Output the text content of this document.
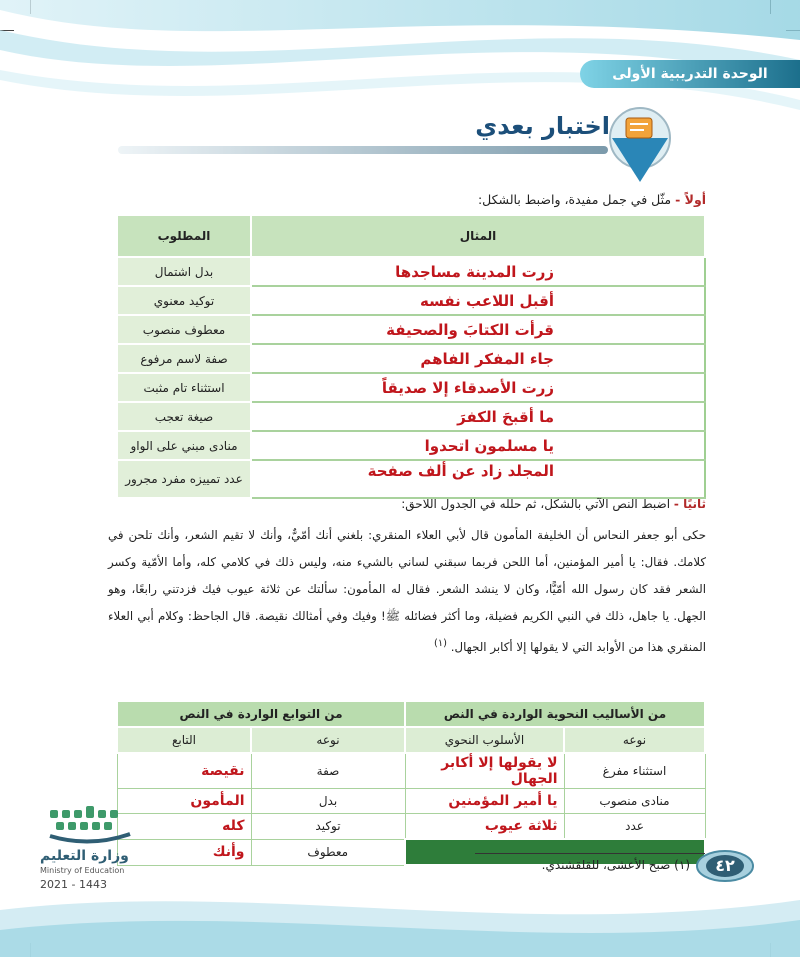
الوحدة التدريبية الأولى
اختبار بعدي
أولاً - مثّل في جمل مفيدة، واضبط بالشكل:
المطلوب	المثال
بدل اشتمال	زرت المدينة مساجدها
توكيد معنوي	أقبل اللاعب نفسه
معطوف منصوب	قرأت الكتابَ والصحيفة
صفة لاسم مرفوع	جاء المفكر الفاهم
استثناء تام مثبت	زرت الأصدقاء إلا صديقاً
صيغة تعجب	ما أقبحَ الكفرَ
منادى مبني على الواو	يا مسلمون اتحدوا
عدد تمييزه مفرد مجرور	المجلد زاد عن ألف صفحة
ثانيًا - اضبط النص الآتي بالشكل، ثم حلله في الجدول اللاحق:
حكى أبو جعفر النحاس أن الخليفة المأمون قال لأبي العلاء المنقري: بلغني أنك أمّيٌّ، وأنك لا تقيم الشعر، وأنك تلحن في كلامك. فقال: يا أمير المؤمنين، أما اللحن فربما سبقني لساني بالشيء منه، وليس ذلك في كلامي كله، وأما الأمّية وكسر الشعر فقد كان رسول الله أمّيًّا، وكان لا ينشد الشعر. فقال له المأمون: سألتك عن ثلاثة عيوب فيك فزدتني رابعًا، وهو الجهل. يا جاهل، ذلك في النبي الكريم فضيلة، وما أكثر فضائله ﷺ! وفيك وفي أمثالك نقيصة. قال الجاحظ: وكلام أبي العلاء المنقري هذا من الأوابد التي لا يقولها إلا أكابر الجهال. $^{(١)}$
من التوابع الواردة في النص		من الأساليب النحوية الواردة في النص	
التابع	نوعه	الأسلوب النحوي	نوعه
نقيصة	صفة	لا يقولها إلا أكابر الجهال	استثناء مفرغ
المأمون	بدل	يا أمير المؤمنين	منادى منصوب
كله	توكيد	ثلاثة عيوب	عدد
وأنك	معطوف		
(١) صبح الأعشى، للقلقشندي.	٤٢
وزارة التعليم
Ministry of Education
2021 - 1443
